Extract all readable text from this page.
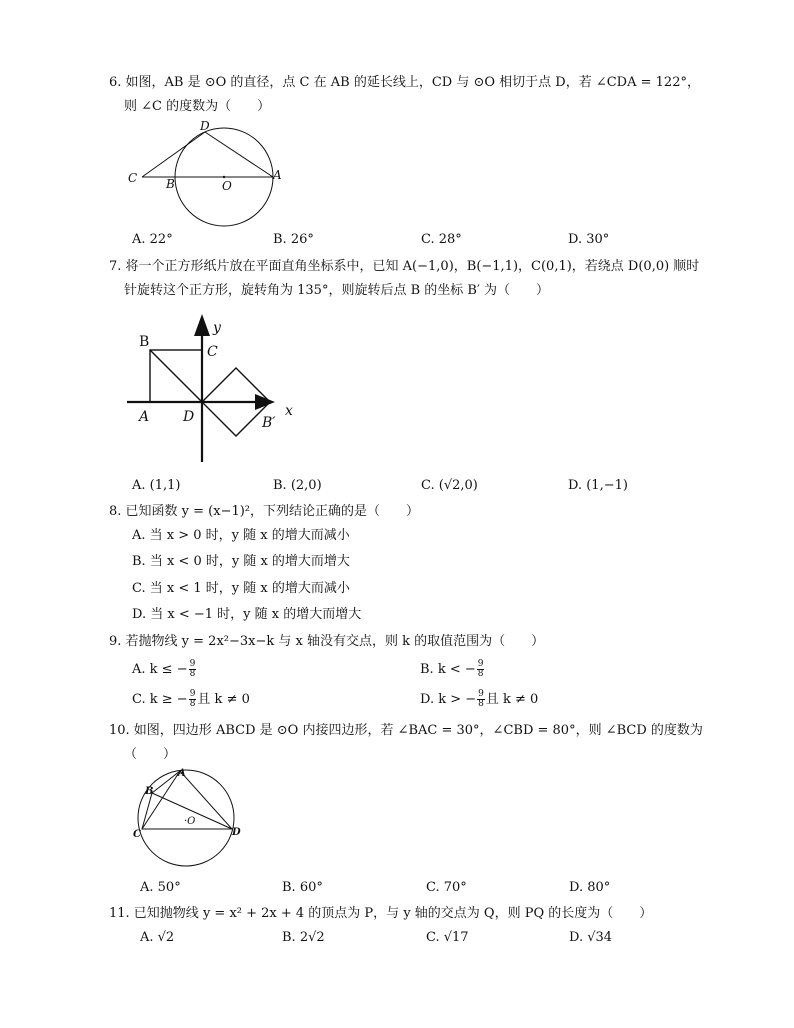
6. 如图，AB 是 ⊙O 的直径，点 C 在 AB 的延长线上，CD 与 ⊙O 相切于点 D，若 ∠CDA = 122°，
则 ∠C 的度数为（　　）
D
C B	O
A
A. 22°	B. 26°	C. 28°	D. 30°
7. 将一个正方形纸片放在平面直角坐标系中，已知 A(−1,0)，B(−1,1)，C(0,1)，若绕点 D(0,0) 顺时
针旋转这个正方形，旋转角为 135°，则旋转后点 B 的坐标 B′ 为（　　）
y
x
B
C
A D	B′
A. (1,1)	B. (2,0)	C. (√2,0)	D. (1,−1)
8. 已知函数 y = (x−1)²，下列结论正确的是（　　）
A. 当 x > 0 时，y 随 x 的增大而减小
B. 当 x < 0 时，y 随 x 的增大而增大
C. 当 x < 1 时，y 随 x 的增大而减小
D. 当 x < −1 时，y 随 x 的增大而增大
9. 若抛物线 y = 2x²−3x−k 与 x 轴没有交点，则 k 的取值范围为（　　）
A. k ≤ − $\frac{9}{8}$	B. k < − $\frac{9}{8}$
C. k ≥ − $\frac{9}{8}$ 且 k ≠ 0	D. k > − $\frac{9}{8}$ 且 k ≠ 0
10. 如图，四边形 ABCD 是 ⊙O 内接四边形，若 ∠BAC = 30°，∠CBD = 80°，则 ∠BCD 的度数为
（　　）
A
B
C	D
·O
A. 50°	B. 60°	C. 70°	D. 80°
11. 已知抛物线 y = x² + 2x + 4 的顶点为 P，与 y 轴的交点为 Q，则 PQ 的长度为（　　）
A. √2	B. 2√2	C. √17	D. √34
